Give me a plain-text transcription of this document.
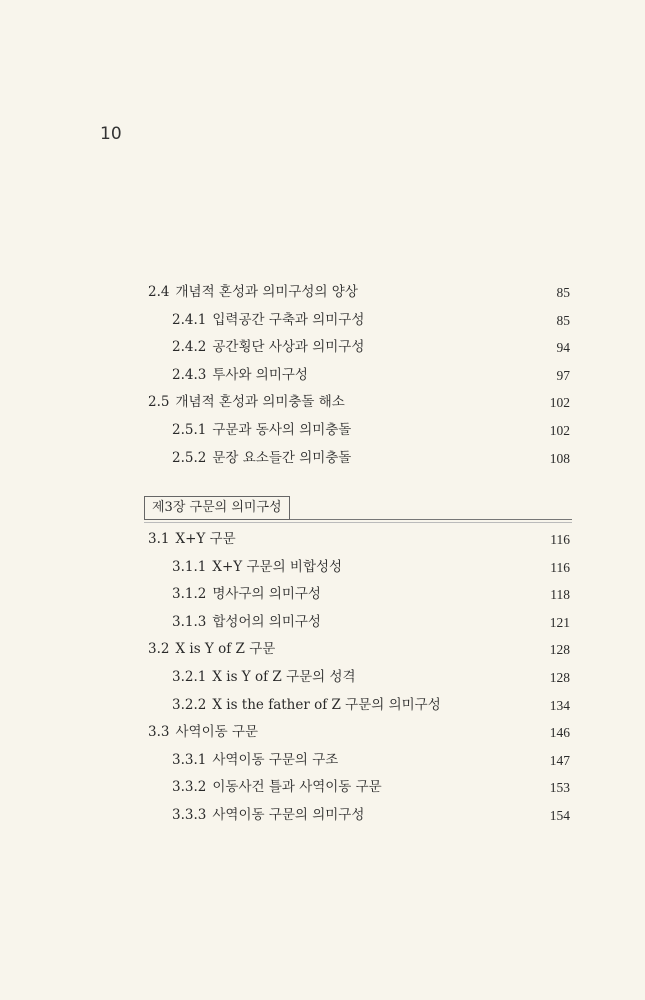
10
2.4 개념적 혼성과 의미구성의 양상	85
2.4.1 입력공간 구축과 의미구성	85
2.4.2 공간횡단 사상과 의미구성	94
2.4.3 투사와 의미구성	97
2.5 개념적 혼성과 의미충돌 해소	102
2.5.1 구문과 동사의 의미충돌	102
2.5.2 문장 요소들간 의미충돌	108
제3장 구문의 의미구성
3.1 X+Y 구문	116
3.1.1 X+Y 구문의 비합성성	116
3.1.2 명사구의 의미구성	118
3.1.3 합성어의 의미구성	121
3.2 X is Y of Z 구문	128
3.2.1 X is Y of Z 구문의 성격	128
3.2.2 X is the father of Z 구문의 의미구성	134
3.3 사역이동 구문	146
3.3.1 사역이동 구문의 구조	147
3.3.2 이동사건 틀과 사역이동 구문	153
3.3.3 사역이동 구문의 의미구성	154
